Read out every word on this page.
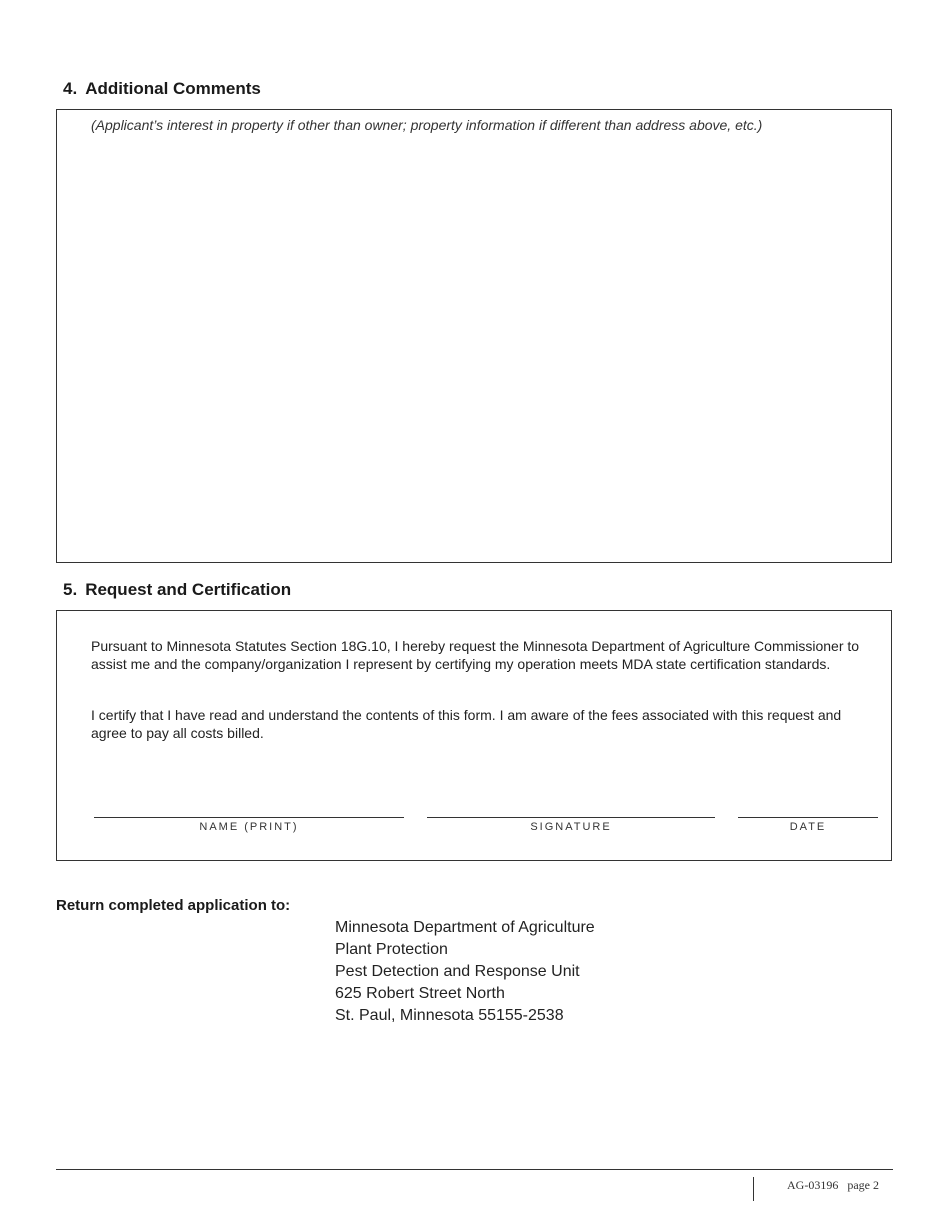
4. Additional Comments
(Applicant’s interest in property if other than owner; property information if different than address above, etc.)
5. Request and Certification

Pursuant to Minnesota Statutes Section 18G.10, I hereby request the Minnesota Department of Agriculture Commissioner to assist me and the company/organization I represent by certifying my operation meets MDA state certification standards.

I certify that I have read and understand the contents of this form. I am aware of the fees associated with this request and agree to pay all costs billed.

NAME (PRINT)	SIGNATURE	DATE
Return completed application to:
Minnesota Department of Agriculture
Plant Protection
Pest Detection and Response Unit
625 Robert Street North
St. Paul, Minnesota 55155-2538
AG-03196   page 2
